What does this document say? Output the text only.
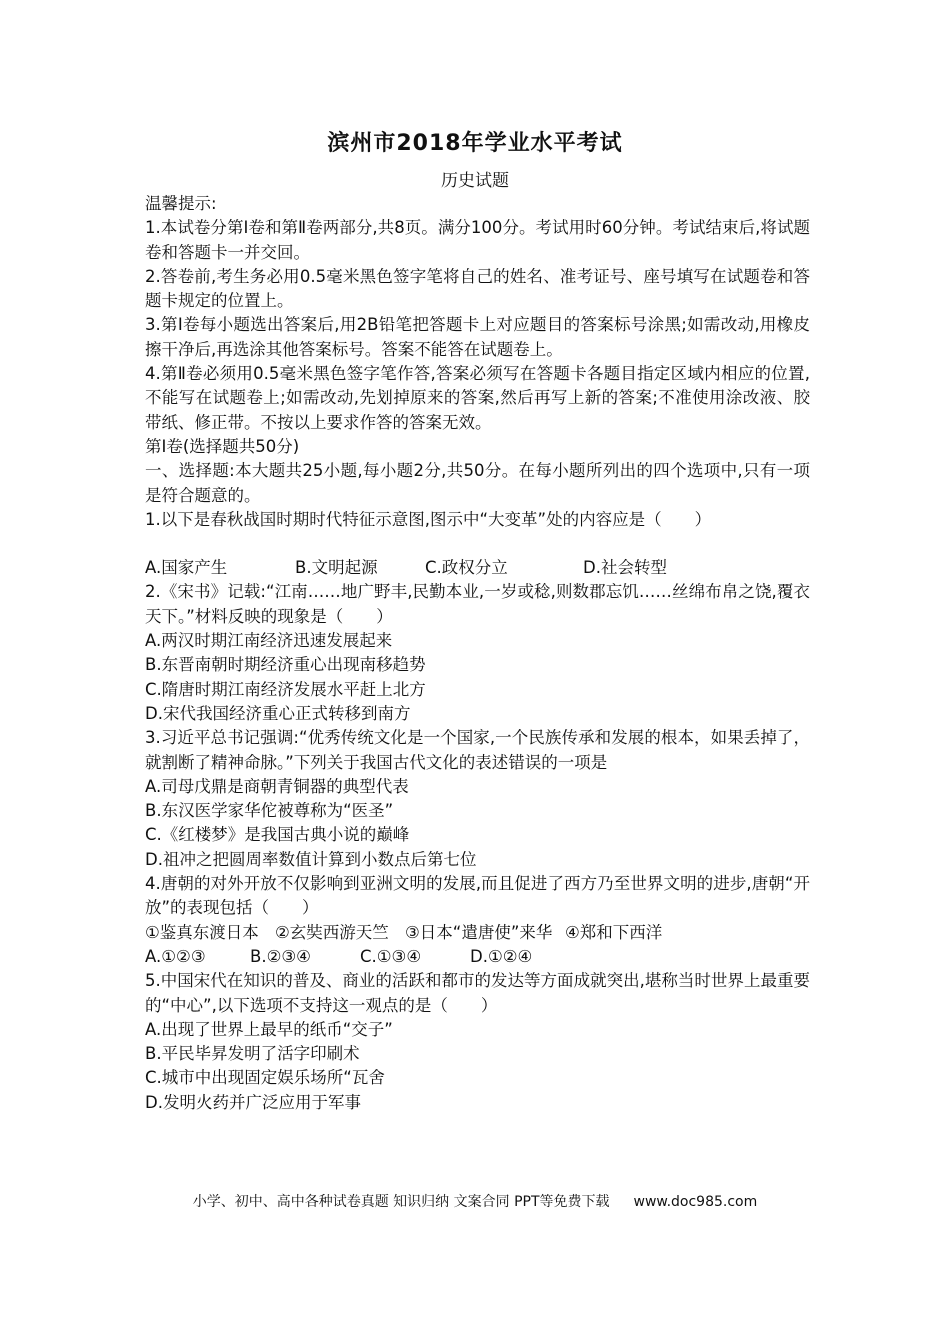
滨州市2018年学业水平考试
历史试题

温馨提示:

1.本试卷分第Ⅰ卷和第Ⅱ卷两部分,共8页。满分100分。考试用时60分钟。考试结束后,将试题卷和答题卡一并交回。

2.答卷前,考生务必用0.5毫米黑色签字笔将自己的姓名、准考证号、座号填写在试题卷和答题卡规定的位置上。

3.第I卷每小题选出答案后,用2B铅笔把答题卡上对应题目的答案标号涂黑;如需改动,用橡皮擦干净后,再选涂其他答案标号。答案不能答在试题卷上。

4.第Ⅱ卷必须用0.5毫米黑色签字笔作答,答案必须写在答题卡各题目指定区域内相应的位置,不能写在试题卷上;如需改动,先划掉原来的答案,然后再写上新的答案;不准使用涂改液、胶带纸、修正带。不按以上要求作答的答案无效。

第I卷(选择题共50分)

一、选择题:本大题共25小题,每小题2分,共50分。在每小题所列出的四个选项中,只有一项是符合题意的。

1.以下是春秋战国时期时代特征示意图,图示中“大变革”处的内容应是（　　）

A.国家产生	B.文明起源	C.政权分立	D.社会转型

2.《宋书》记载:“江南……地广野丰,民勤本业,一岁或稔,则数郡忘饥……丝绵布帛之饶,覆衣天下。”材料反映的现象是（　　）

A.两汉时期江南经济迅速发展起来

B.东晋南朝时期经济重心出现南移趋势

C.隋唐时期江南经济发展水平赶上北方

D.宋代我国经济重心正式转移到南方

3.习近平总书记强调:“优秀传统文化是一个国家,一个民族传承和发展的根本，如果丢掉了，就割断了精神命脉。”下列关于我国古代文化的表述错误的一项是

A.司母戊鼎是商朝青铜器的典型代表

B.东汉医学家华佗被尊称为“医圣”

C.《红楼梦》是我国古典小说的巅峰

D.祖冲之把圆周率数值计算到小数点后第七位

4.唐朝的对外开放不仅影响到亚洲文明的发展,而且促进了西方乃至世界文明的进步,唐朝“开放”的表现包括（　　）

①鉴真东渡日本 ②玄奘西游天竺 ③日本“遣唐使”来华 ④郑和下西洋
A.①②③	B.②③④	C.①③④	D.①②④

5.中国宋代在知识的普及、商业的活跃和都市的发达等方面成就突出,堪称当时世界上最重要的“中心”,以下选项不支持这一观点的是（　　）

A.出现了世界上最早的纸币“交子”

B.平民毕昇发明了活字印刷术

C.城市中出现固定娱乐场所“瓦舍

D.发明火药并广泛应用于军事

小学、初中、高中各种试卷真题 知识归纳 文案合同 PPT等免费下载 www.doc985.com
